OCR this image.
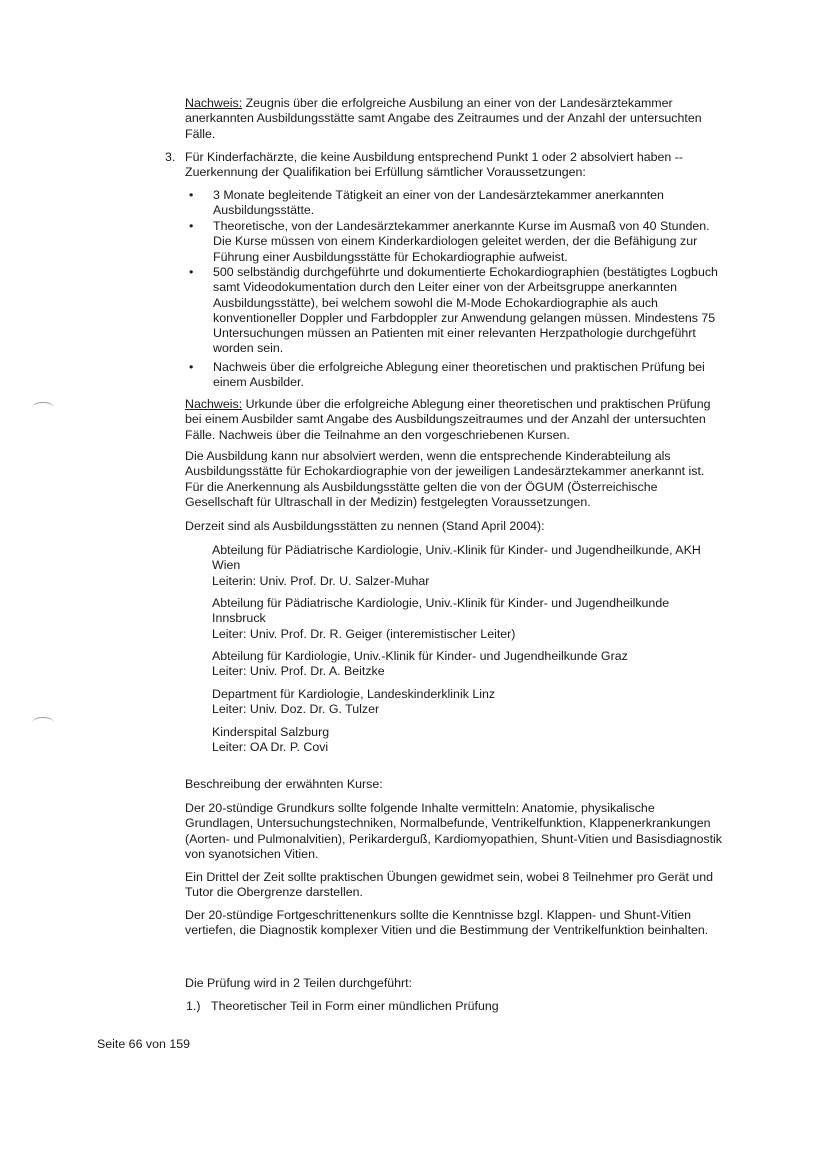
Nachweis: Zeugnis über die erfolgreiche Ausbilung an einer von der Landesärztekammer anerkannten Ausbildungsstätte samt Angabe des Zeitraumes und der Anzahl der untersuchten Fälle.

3. Für Kinderfachärzte, die keine Ausbildung entsprechend Punkt 1 oder 2 absolviert haben -- Zuerkennung der Qualifikation bei Erfüllung sämtlicher Voraussetzungen:

• 3 Monate begleitende Tätigkeit an einer von der Landesärztekammer anerkannten Ausbildungsstätte.
• Theoretische, von der Landesärztekammer anerkannte Kurse im Ausmaß von 40 Stunden. Die Kurse müssen von einem Kinderkardiologen geleitet werden, der die Befähigung zur Führung einer Ausbildungsstätte für Echokardiographie aufweist.
• 500 selbständig durchgeführte und dokumentierte Echokardiographien (bestätigtes Logbuch samt Videodokumentation durch den Leiter einer von der Arbeitsgruppe anerkannten Ausbildungsstätte), bei welchem sowohl die M-Mode Echokardiographie als auch konventioneller Doppler und Farbdoppler zur Anwendung gelangen müssen. Mindestens 75 Untersuchungen müssen an Patienten mit einer relevanten Herzpathologie durchgeführt worden sein.
• Nachweis über die erfolgreiche Ablegung einer theoretischen und praktischen Prüfung bei einem Ausbilder.

Nachweis: Urkunde über die erfolgreiche Ablegung einer theoretischen und praktischen Prüfung bei einem Ausbilder samt Angabe des Ausbildungszeitraumes und der Anzahl der untersuchten Fälle. Nachweis über die Teilnahme an den vorgeschriebenen Kursen.

Die Ausbildung kann nur absolviert werden, wenn die entsprechende Kinderabteilung als Ausbildungsstätte für Echokardiographie von der jeweiligen Landesärztekammer anerkannt ist. Für die Anerkennung als Ausbildungsstätte gelten die von der ÖGUM (Österreichische Gesellschaft für Ultraschall in der Medizin) festgelegten Voraussetzungen.

Derzeit sind als Ausbildungsstätten zu nennen (Stand April 2004):

Abteilung für Pädiatrische Kardiologie, Univ.-Klinik für Kinder- und Jugendheilkunde, AKH Wien
Leiterin: Univ. Prof. Dr. U. Salzer-Muhar
Abteilung für Pädiatrische Kardiologie, Univ.-Klinik für Kinder- und Jugendheilkunde Innsbruck
Leiter: Univ. Prof. Dr. R. Geiger (interemistischer Leiter)
Abteilung für Kardiologie, Univ.-Klinik für Kinder- und Jugendheilkunde Graz
Leiter: Univ. Prof. Dr. A. Beitzke
Department für Kardiologie, Landeskinderklinik Linz
Leiter: Univ. Doz. Dr. G. Tulzer
Kinderspital Salzburg
Leiter: OA Dr. P. Covi

Beschreibung der erwähnten Kurse:

Der 20-stündige Grundkurs sollte folgende Inhalte vermitteln: Anatomie, physikalische Grundlagen, Untersuchungstechniken, Normalbefunde, Ventrikelfunktion, Klappenerkrankungen (Aorten- und Pulmonalvitien), Perikarderguß, Kardiomyopathien, Shunt-Vitien und Basisdiagnostik von syanotsichen Vitien.

Ein Drittel der Zeit sollte praktischen Übungen gewidmet sein, wobei 8 Teilnehmer pro Gerät und Tutor die Obergrenze darstellen.

Der 20-stündige Fortgeschrittenenkurs sollte die Kenntnisse bzgl. Klappen- und Shunt-Vitien vertiefen, die Diagnostik komplexer Vitien und die Bestimmung der Ventrikelfunktion beinhalten.

Die Prüfung wird in 2 Teilen durchgeführt:

1.) Theoretischer Teil in Form einer mündlichen Prüfung

Seite 66 von 159
